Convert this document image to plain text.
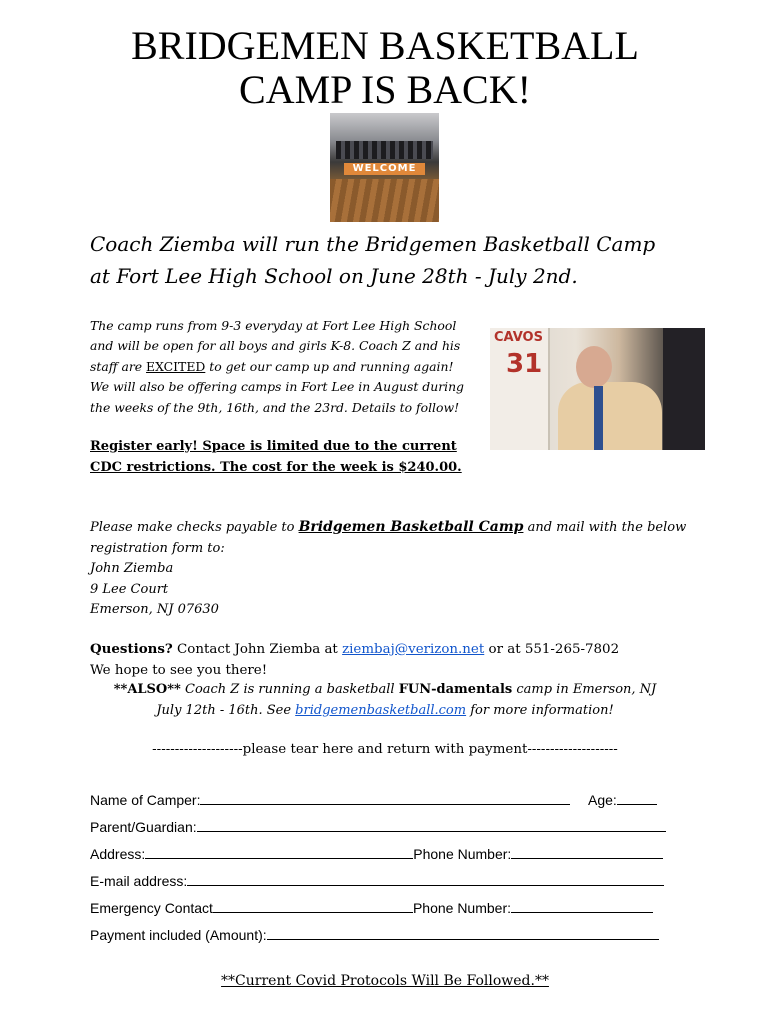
BRIDGEMEN BASKETBALL
CAMP IS BACK!
WELCOME

Coach Ziemba will run the Bridgemen Basketball Camp
at Fort Lee High School on June 28th - July 2nd.

The camp runs from 9-3 everyday at Fort Lee High School
and will be open for all boys and girls K-8. Coach Z and his
staff are EXCITED to get our camp up and running again!
We will also be offering camps in Fort Lee in August during
the weeks of the 9th, 16th, and the 23rd. Details to follow!
CAVOS
31
Register early! Space is limited due to the current
CDC restrictions. The cost for the week is $240.00.
Please make checks payable to Bridgemen Basketball Camp and mail with the below
registration form to:
John Ziemba
9 Lee Court
Emerson, NJ 07630
Questions? Contact John Ziemba at ziembaj@verizon.net or at 551-265-7802
We hope to see you there!
**ALSO** Coach Z is running a basketball FUN-damentals camp in Emerson, NJ
July 12th - 16th. See bridgemenbasketball.com for more information!
--------------------please tear here and return with payment--------------------
Name of Camper:	Age:
Parent/Guardian:
Address:	Phone Number:
E-mail address:
Emergency Contact	Phone Number:
Payment included (Amount):
**Current Covid Protocols Will Be Followed.**
